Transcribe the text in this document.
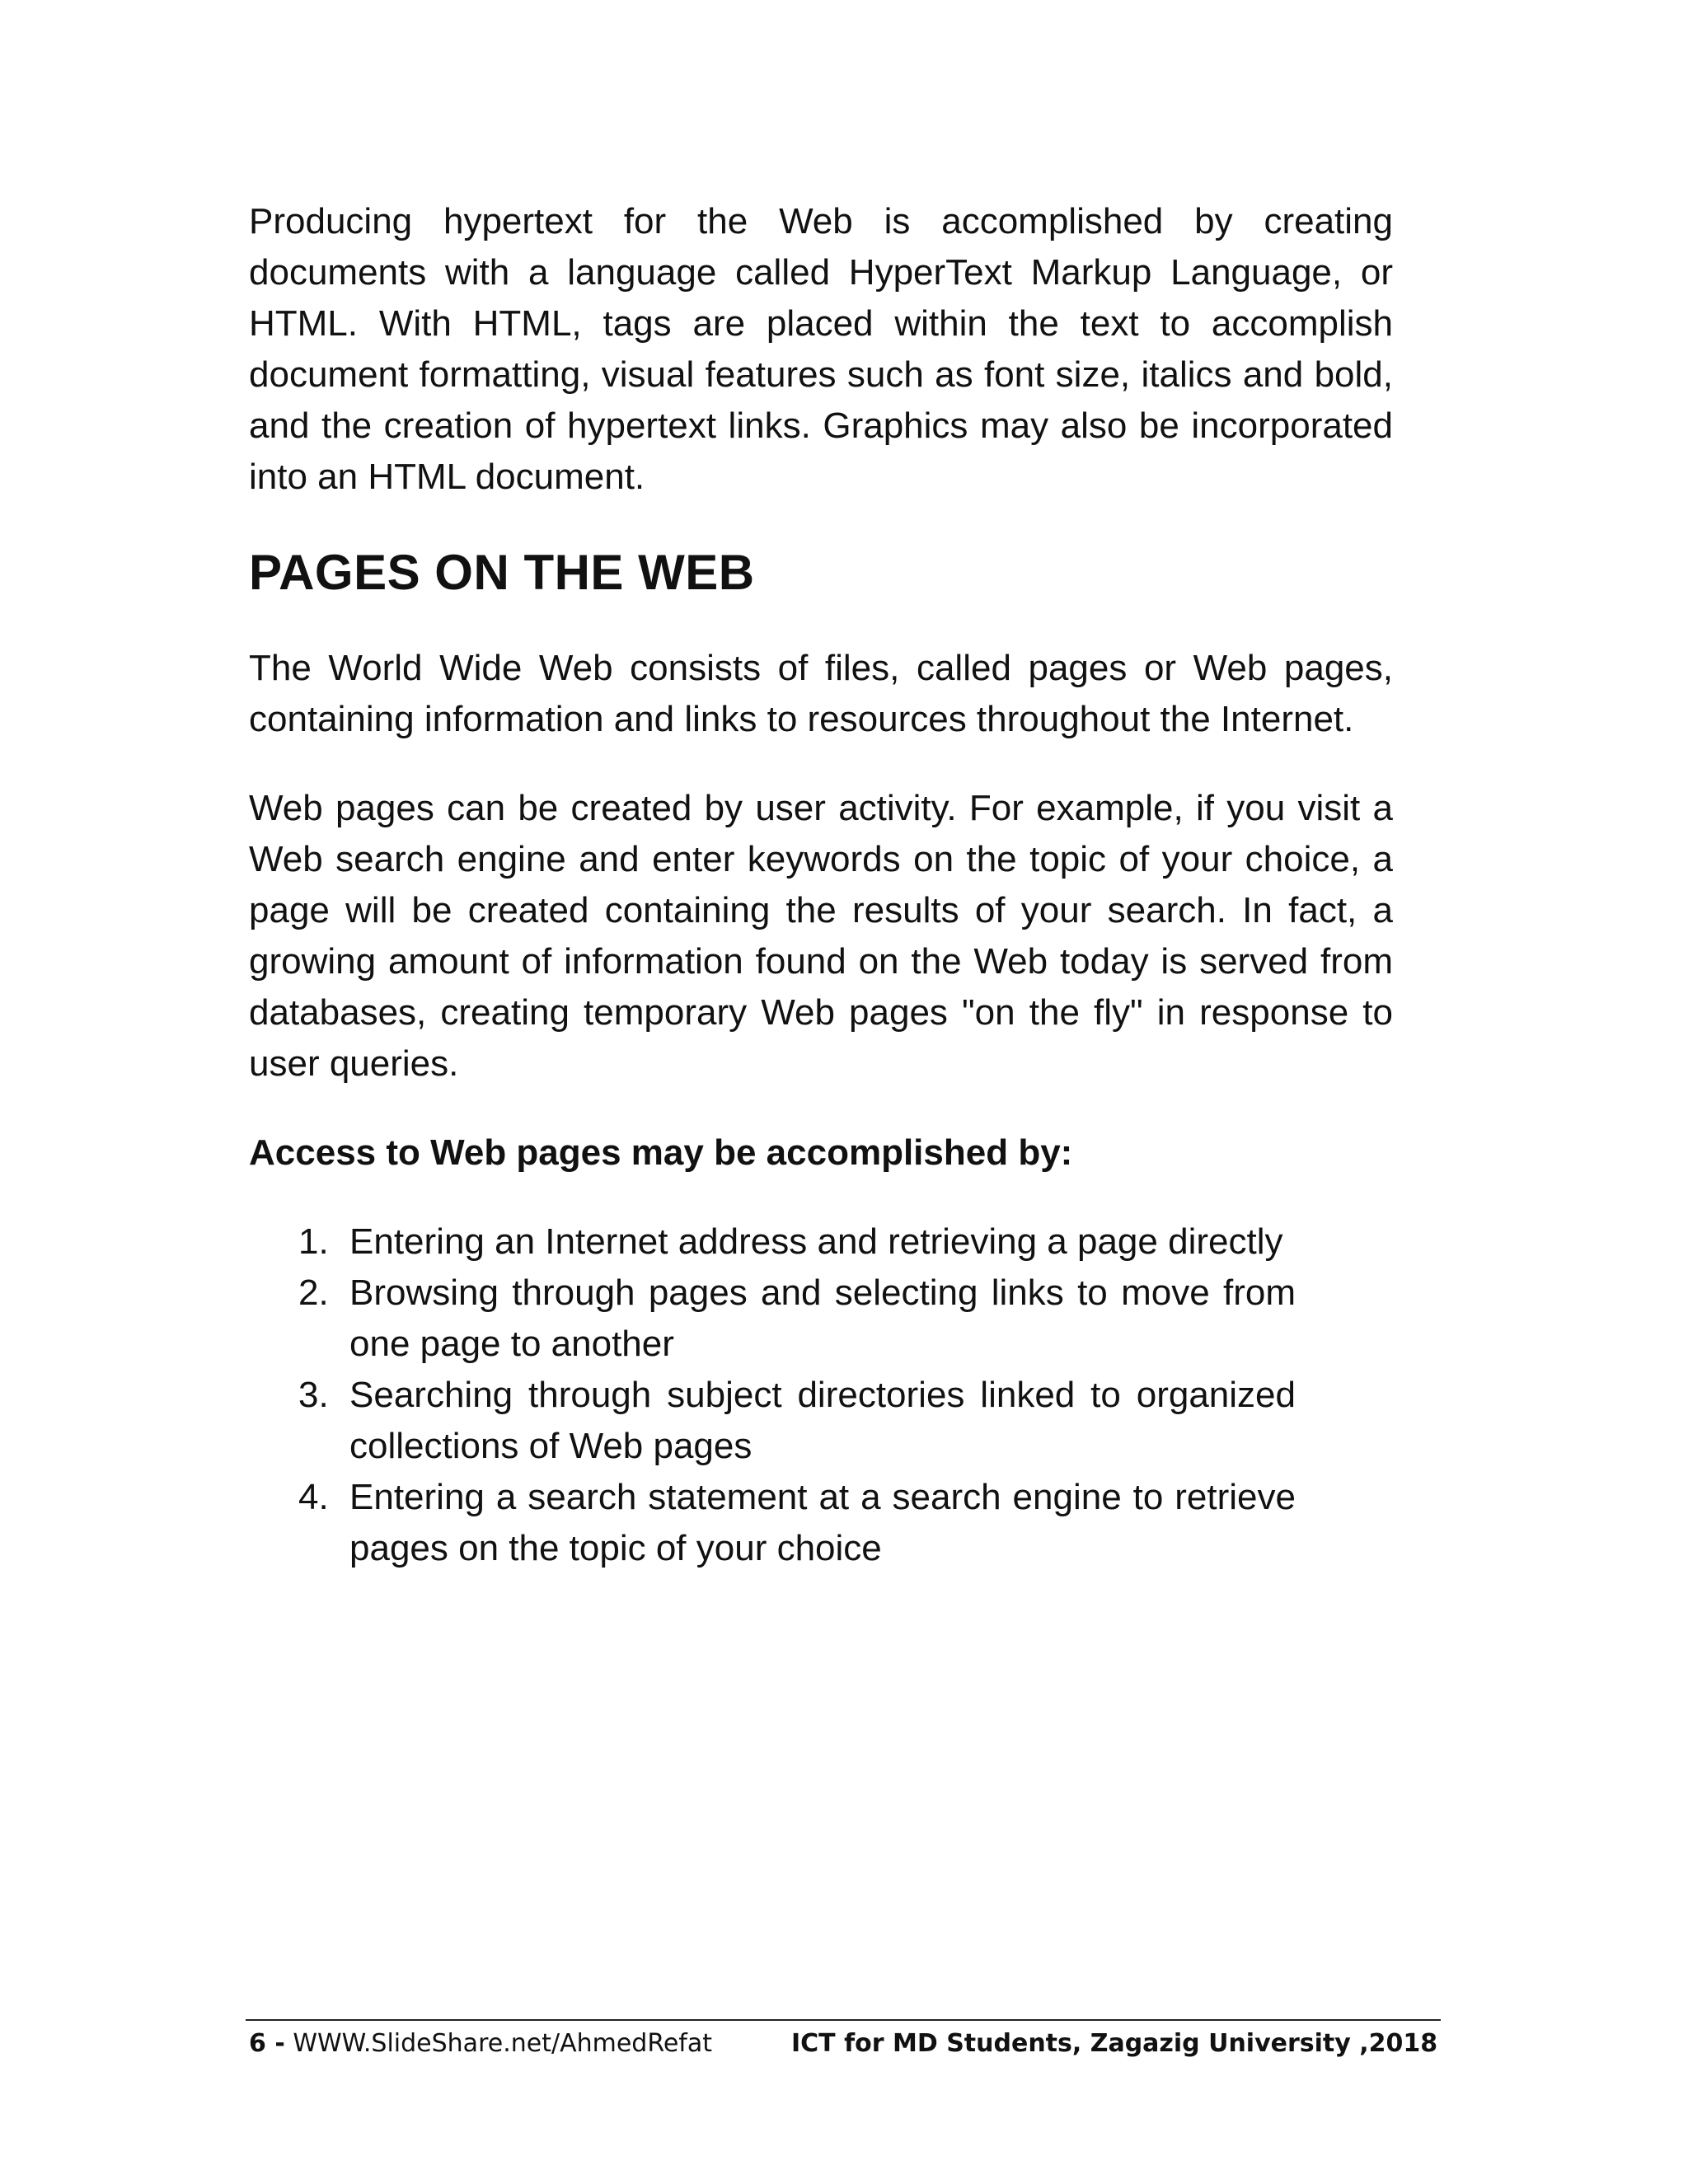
Producing hypertext for the Web is accomplished by creating documents with a language called HyperText Markup Language, or HTML. With HTML, tags are placed within the text to accomplish document formatting, visual features such as font size, italics and bold, and the creation of hypertext links. Graphics may also be incorporated into an HTML document.

PAGES ON THE WEB

The World Wide Web consists of files, called pages or Web pages, containing information and links to resources throughout the Internet.

Web pages can be created by user activity. For example, if you visit a Web search engine and enter keywords on the topic of your choice, a page will be created containing the results of your search. In fact, a growing amount of information found on the Web today is served from databases, creating temporary Web pages "on the fly" in response to user queries.

Access to Web pages may be accomplished by:

1. Entering an Internet address and retrieving a page directly
2. Browsing through pages and selecting links to move from one page to another
3. Searching through subject directories linked to organized collections of Web pages
4. Entering a search statement at a search engine to retrieve pages on the topic of your choice
6 - WWW.SlideShare.net/AhmedRefat	ICT for MD Students, Zagazig University ,2018
